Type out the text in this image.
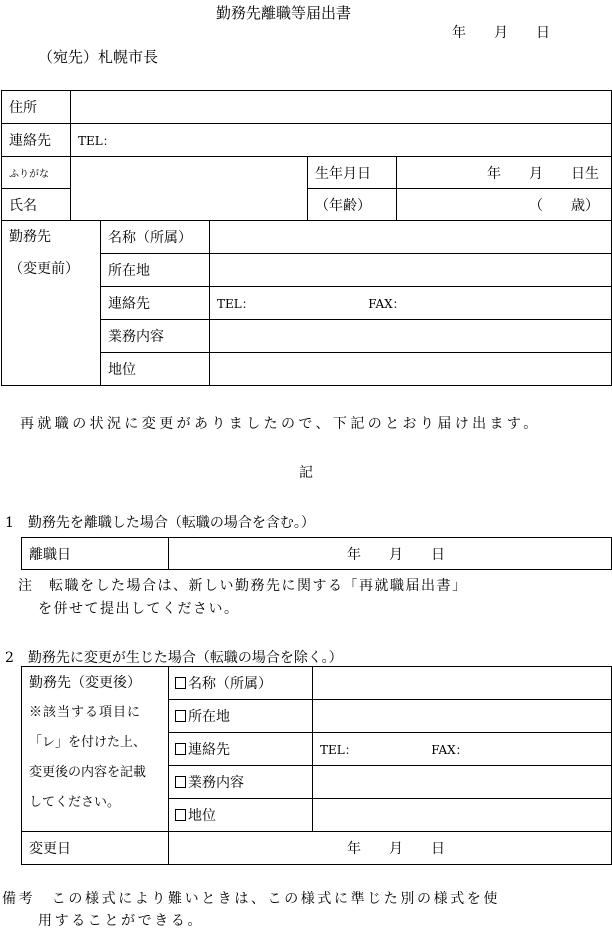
勤務先離職等届出書
年　　月　　日
（宛先）札幌市長
住所					
連絡先	TEL：				
ふりがな				生年月日	年　　月　　日生
氏名				（年齢）	（　　歳）

勤務先
（変更前）		名称（所属）			
		所在地			
		連絡先	TEL： FAX：		
		業務内容			
		地位			
再就職の状況に変更がありましたので、下記のとおり届け出ます。
記
1　勤務先を離職した場合（転職の場合を含む。）
離職日	年　　月　　日
注　転職をした場合は、新しい勤務先に関する「再就職届出書」
を併せて提出してください。
2　勤務先に変更が生じた場合（転職の場合を除く。）
勤務先（変更後）
※該当する項目に
「レ」を付けた上、
変更後の内容を記載
してください。	名称（所属）	
	所在地	
	連絡先	TEL： FAX：
	業務内容	
	地位	
変更日	年　　月　　日	
備考　この様式により難いときは、この様式に準じた別の様式を使
用することができる。
